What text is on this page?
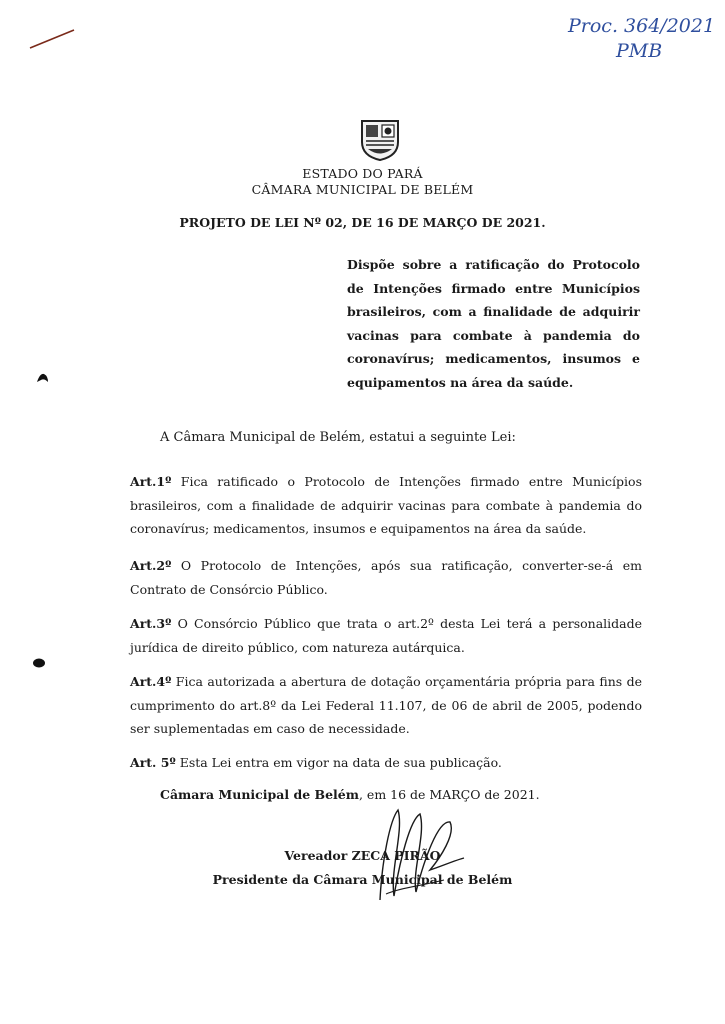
Proc. 364/2021
PMB
ESTADO DO PARÁ
CÂMARA MUNICIPAL DE BELÉM
PROJETO DE LEI Nº 02, DE 16 DE MARÇO DE 2021.
Dispõe sobre a ratificação do Protocolo de Intenções firmado entre Municípios brasileiros, com a finalidade de adquirir vacinas para combate à pandemia do coronavírus; medicamentos, insumos e equipamentos na área da saúde.
A Câmara Municipal de Belém, estatui a seguinte Lei:
Art.1º Fica ratificado o Protocolo de Intenções firmado entre Municípios brasileiros, com a finalidade de adquirir vacinas para combate à pandemia do coronavírus; medicamentos, insumos e equipamentos na área da saúde.
Art.2º O Protocolo de Intenções, após sua ratificação, converter-se-á em Contrato de Consórcio Público.
Art.3º O Consórcio Público que trata o art.2º desta Lei terá a personalidade jurídica de direito público, com natureza autárquica.
Art.4º Fica autorizada a abertura de dotação orçamentária própria para fins de cumprimento do art.8º da Lei Federal 11.107, de 06 de abril de 2005, podendo ser suplementadas em caso de necessidade.
Art. 5º Esta Lei entra em vigor na data de sua publicação.
Câmara Municipal de Belém, em 16 de MARÇO de 2021.
Vereador ZECA PIRÃO
Presidente da Câmara Municipal de Belém
